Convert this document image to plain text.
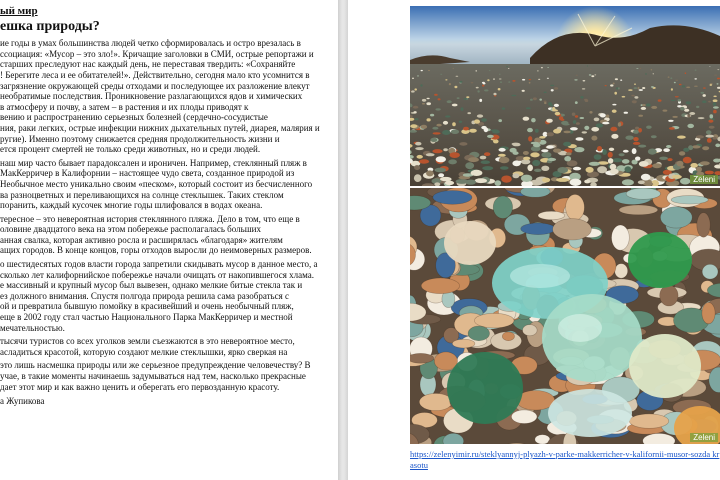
ый мир
ешка природы?

ие годы в умах большинства людей четко сформировалась и остро врезалась в
ссоциация: «Мусор – это зло!». Кричащие заголовки в СМИ, острые репортажи и
старших преследуют нас каждый день, не переставая твердить: «Сохраняйте
! Берегите леса и ее обитателей!». Действительно, сегодня мало кто усомнится в
загрязнение окружающей среды отходами и последующее их разложение влекут
необратимые последствия. Проникновение разлагающихся ядов и химических
в атмосферу и почву, а затем – в растения и их плоды приводят к
вению и распространению серьезных болезней (сердечно-сосудистые
ния, раки легких, острые инфекции нижних дыхательных путей, диарея, малярия и
ругие). Именно поэтому снижается средняя продолжительность жизни и
ется процент смертей не только среди животных, но и среди людей.

наш мир часто бывает парадоксален и ироничен. Например, стеклянный пляж в
МакКерричер в Калифорнии – настоящее чудо света, созданное природой из
Необычное место уникально своим «песком», который состоит из бесчисленного
ва разноцветных и переливающихся на солнце стеклышек. Таких стеклом
поранить, каждый кусочек многие годы шлифовался в водах океана.

тересное – это невероятная история стеклянного пляжа. Дело в том, что еще в
оловине двадцатого века на этом побережье располагалась больших
анная свалка, которая активно росла и расширялась «благодаря» жителям
ащих городов. В конце концов, горы отходов выросли до неимоверных размеров.

о шестидесятых годов власти города запретили скидывать мусор в данное место, а
сколько лет калифорнийское побережье начали очищать от накопившегося хлама.
е массивный и крупный мусор был вывезен, однако мелкие битые стекла так и
ез должного внимания. Спустя полгода природа решила сама разобраться с
ой и превратила бывшую помойку в красивейший и очень необычный пляж,
еще в 2002 году стал частью Национального Парка МакКерричер и местной
мечательностью.

тысячи туристов со всех уголков земли съезжаются в это невероятное место,
асладиться красотой, которую создают мелкие стеклышки, ярко сверкая на

это лишь насмешка природы или же серьезное предупреждение человечеству? В
учае, в такие моменты начинаешь задумываться над тем, насколько прекрасные
дает этот мир и как важно ценить и оберегать его первозданную красоту.

а Жупикова
Zeleni
Zeleni
https://zelenyimir.ru/steklyannyj-plyazh-v-parke-makkerricher-v-kalifornii-musor-sozda krasotu
